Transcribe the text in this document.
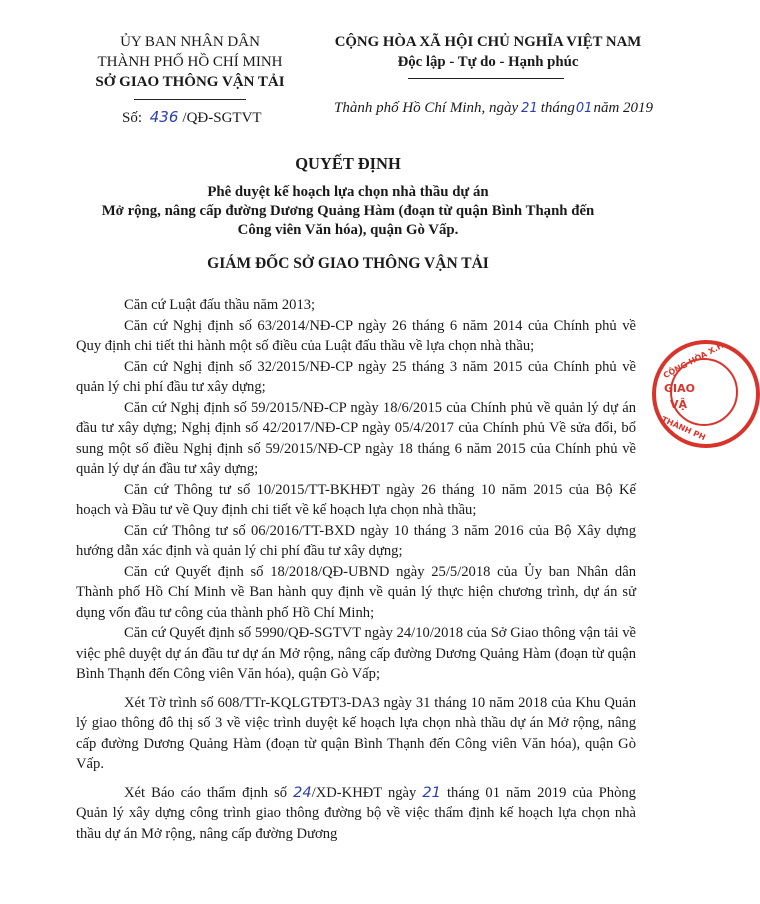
ỦY BAN NHÂN DÂN
THÀNH PHỐ HỒ CHÍ MINH
SỞ GIAO THÔNG VẬN TẢI
Số: 436 /QĐ-SGTVT
CỘNG HÒA XÃ HỘI CHỦ NGHĨA VIỆT NAM
Độc lập - Tự do - Hạnh phúc
Thành phố Hồ Chí Minh, ngày 21 tháng01năm 2019
QUYẾT ĐỊNH
Phê duyệt kế hoạch lựa chọn nhà thầu dự án
Mở rộng, nâng cấp đường Dương Quảng Hàm (đoạn từ quận Bình Thạnh đến
Công viên Văn hóa), quận Gò Vấp.
GIÁM ĐỐC SỞ GIAO THÔNG VẬN TẢI

Căn cứ Luật đấu thầu năm 2013;

Căn cứ Nghị định số 63/2014/NĐ-CP ngày 26 tháng 6 năm 2014 của Chính phủ về Quy định chi tiết thi hành một số điều của Luật đấu thầu về lựa chọn nhà thầu;

Căn cứ Nghị định số 32/2015/NĐ-CP ngày 25 tháng 3 năm 2015 của Chính phủ về quản lý chi phí đầu tư xây dựng;

Căn cứ Nghị định số 59/2015/NĐ-CP ngày 18/6/2015 của Chính phủ về quản lý dự án đầu tư xây dựng; Nghị định số 42/2017/NĐ-CP ngày 05/4/2017 của Chính phủ Về sửa đổi, bổ sung một số điều Nghị định số 59/2015/NĐ-CP ngày 18 tháng 6 năm 2015 của Chính phủ về quản lý dự án đầu tư xây dựng;

Căn cứ Thông tư số 10/2015/TT-BKHĐT ngày 26 tháng 10 năm 2015 của Bộ Kế hoạch và Đầu tư về Quy định chi tiết về kế hoạch lựa chọn nhà thầu;

Căn cứ Thông tư số 06/2016/TT-BXD ngày 10 tháng 3 năm 2016 của Bộ Xây dựng hướng dẫn xác định và quản lý chi phí đầu tư xây dựng;

Căn cứ Quyết định số 18/2018/QĐ-UBND ngày 25/5/2018 của Ủy ban Nhân dân Thành phố Hồ Chí Minh về Ban hành quy định về quản lý thực hiện chương trình, dự án sử dụng vốn đầu tư công của thành phố Hồ Chí Minh;

Căn cứ Quyết định số 5990/QĐ-SGTVT ngày 24/10/2018 của Sở Giao thông vận tải về việc phê duyệt dự án đầu tư dự án Mở rộng, nâng cấp đường Dương Quảng Hàm (đoạn từ quận Bình Thạnh đến Công viên Văn hóa), quận Gò Vấp;

Xét Tờ trình số 608/TTr-KQLGTĐT3-DA3 ngày 31 tháng 10 năm 2018 của Khu Quản lý giao thông đô thị số 3 về việc trình duyệt kế hoạch lựa chọn nhà thầu dự án Mở rộng, nâng cấp đường Dương Quảng Hàm (đoạn từ quận Bình Thạnh đến Công viên Văn hóa), quận Gò Vấp.

Xét Báo cáo thẩm định số 24/XD-KHĐT ngày 21 tháng 01 năm 2019 của Phòng Quản lý xây dựng công trình giao thông đường bộ về việc thẩm định kế hoạch lựa chọn nhà thầu dự án Mở rộng, nâng cấp đường Dương

CỘNG HÒA X.H
GIAO
VẬ
THÀNH PH
